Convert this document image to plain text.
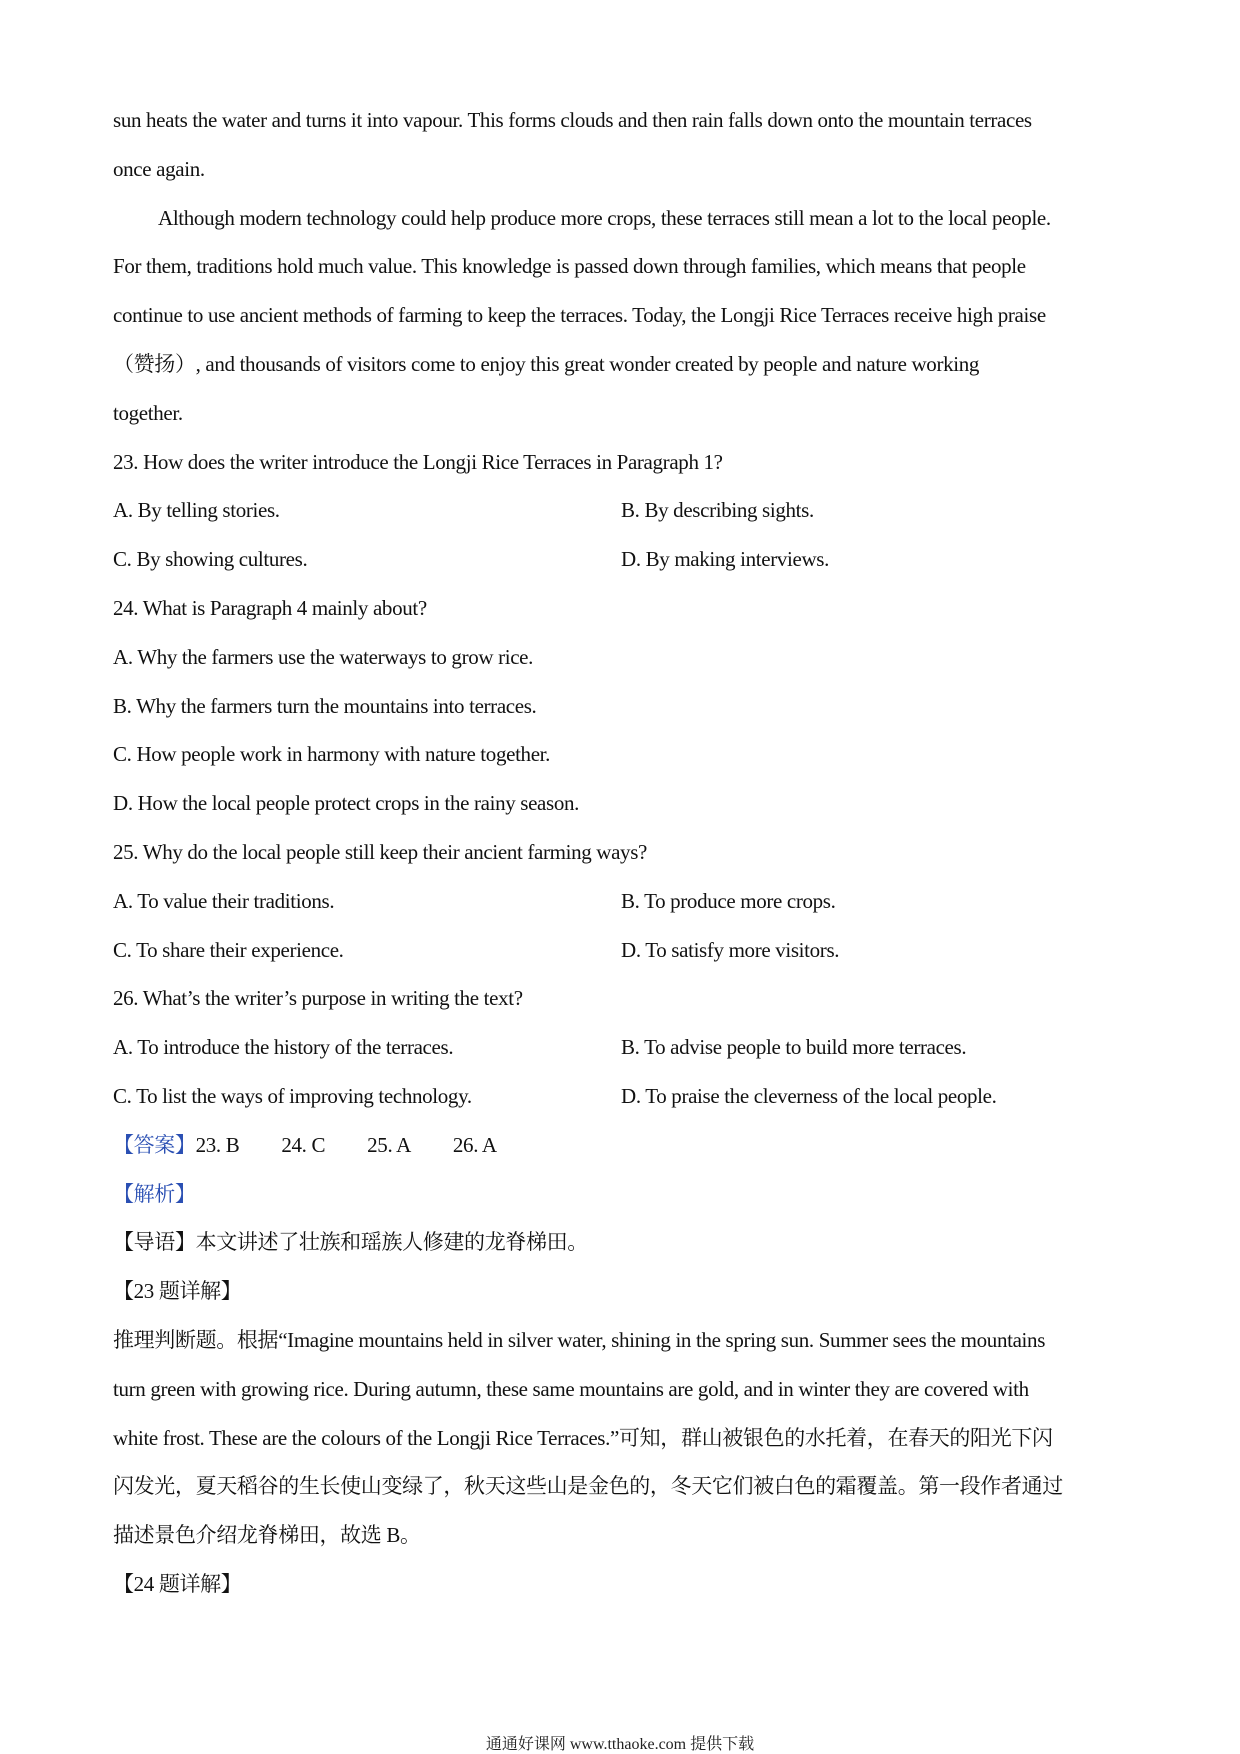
sun heats the water and turns it into vapour. This forms clouds and then rain falls down onto the mountain terraces
once again.
Although modern technology could help produce more crops, these terraces still mean a lot to the local people.
For them, traditions hold much value. This knowledge is passed down through families, which means that people
continue to use ancient methods of farming to keep the terraces. Today, the Longji Rice Terraces receive high praise
（赞扬）, and thousands of visitors come to enjoy this great wonder created by people and nature working
together.
23. How does the writer introduce the Longji Rice Terraces in Paragraph 1?
A. By telling stories.	B. By describing sights.
C. By showing cultures.	D. By making interviews.
24. What is Paragraph 4 mainly about?
A. Why the farmers use the waterways to grow rice.
B. Why the farmers turn the mountains into terraces.
C. How people work in harmony with nature together.
D. How the local people protect crops in the rainy season.
25. Why do the local people still keep their ancient farming ways?
A. To value their traditions.	B. To produce more crops.
C. To share their experience.	D. To satisfy more visitors.
26. What’s the writer’s purpose in writing the text?
A. To introduce the history of the terraces.	B. To advise people to build more terraces.
C. To list the ways of improving technology.	D. To praise the cleverness of the local people.
【答案】23. B 24. C 25. A 26. A
【解析】
【导语】本文讲述了壮族和瑶族人修建的龙脊梯田。
【23 题详解】
推理判断题。根据“Imagine mountains held in silver water, shining in the spring sun. Summer sees the mountains
turn green with growing rice. During autumn, these same mountains are gold, and in winter they are covered with
white frost. These are the colours of the Longji Rice Terraces.”可知，群山被银色的水托着，在春天的阳光下闪
闪发光，夏天稻谷的生长使山变绿了，秋天这些山是金色的，冬天它们被白色的霜覆盖。第一段作者通过
描述景色介绍龙脊梯田，故选 B。
【24 题详解】
通通好课网 www.tthaoke.com 提供下载
